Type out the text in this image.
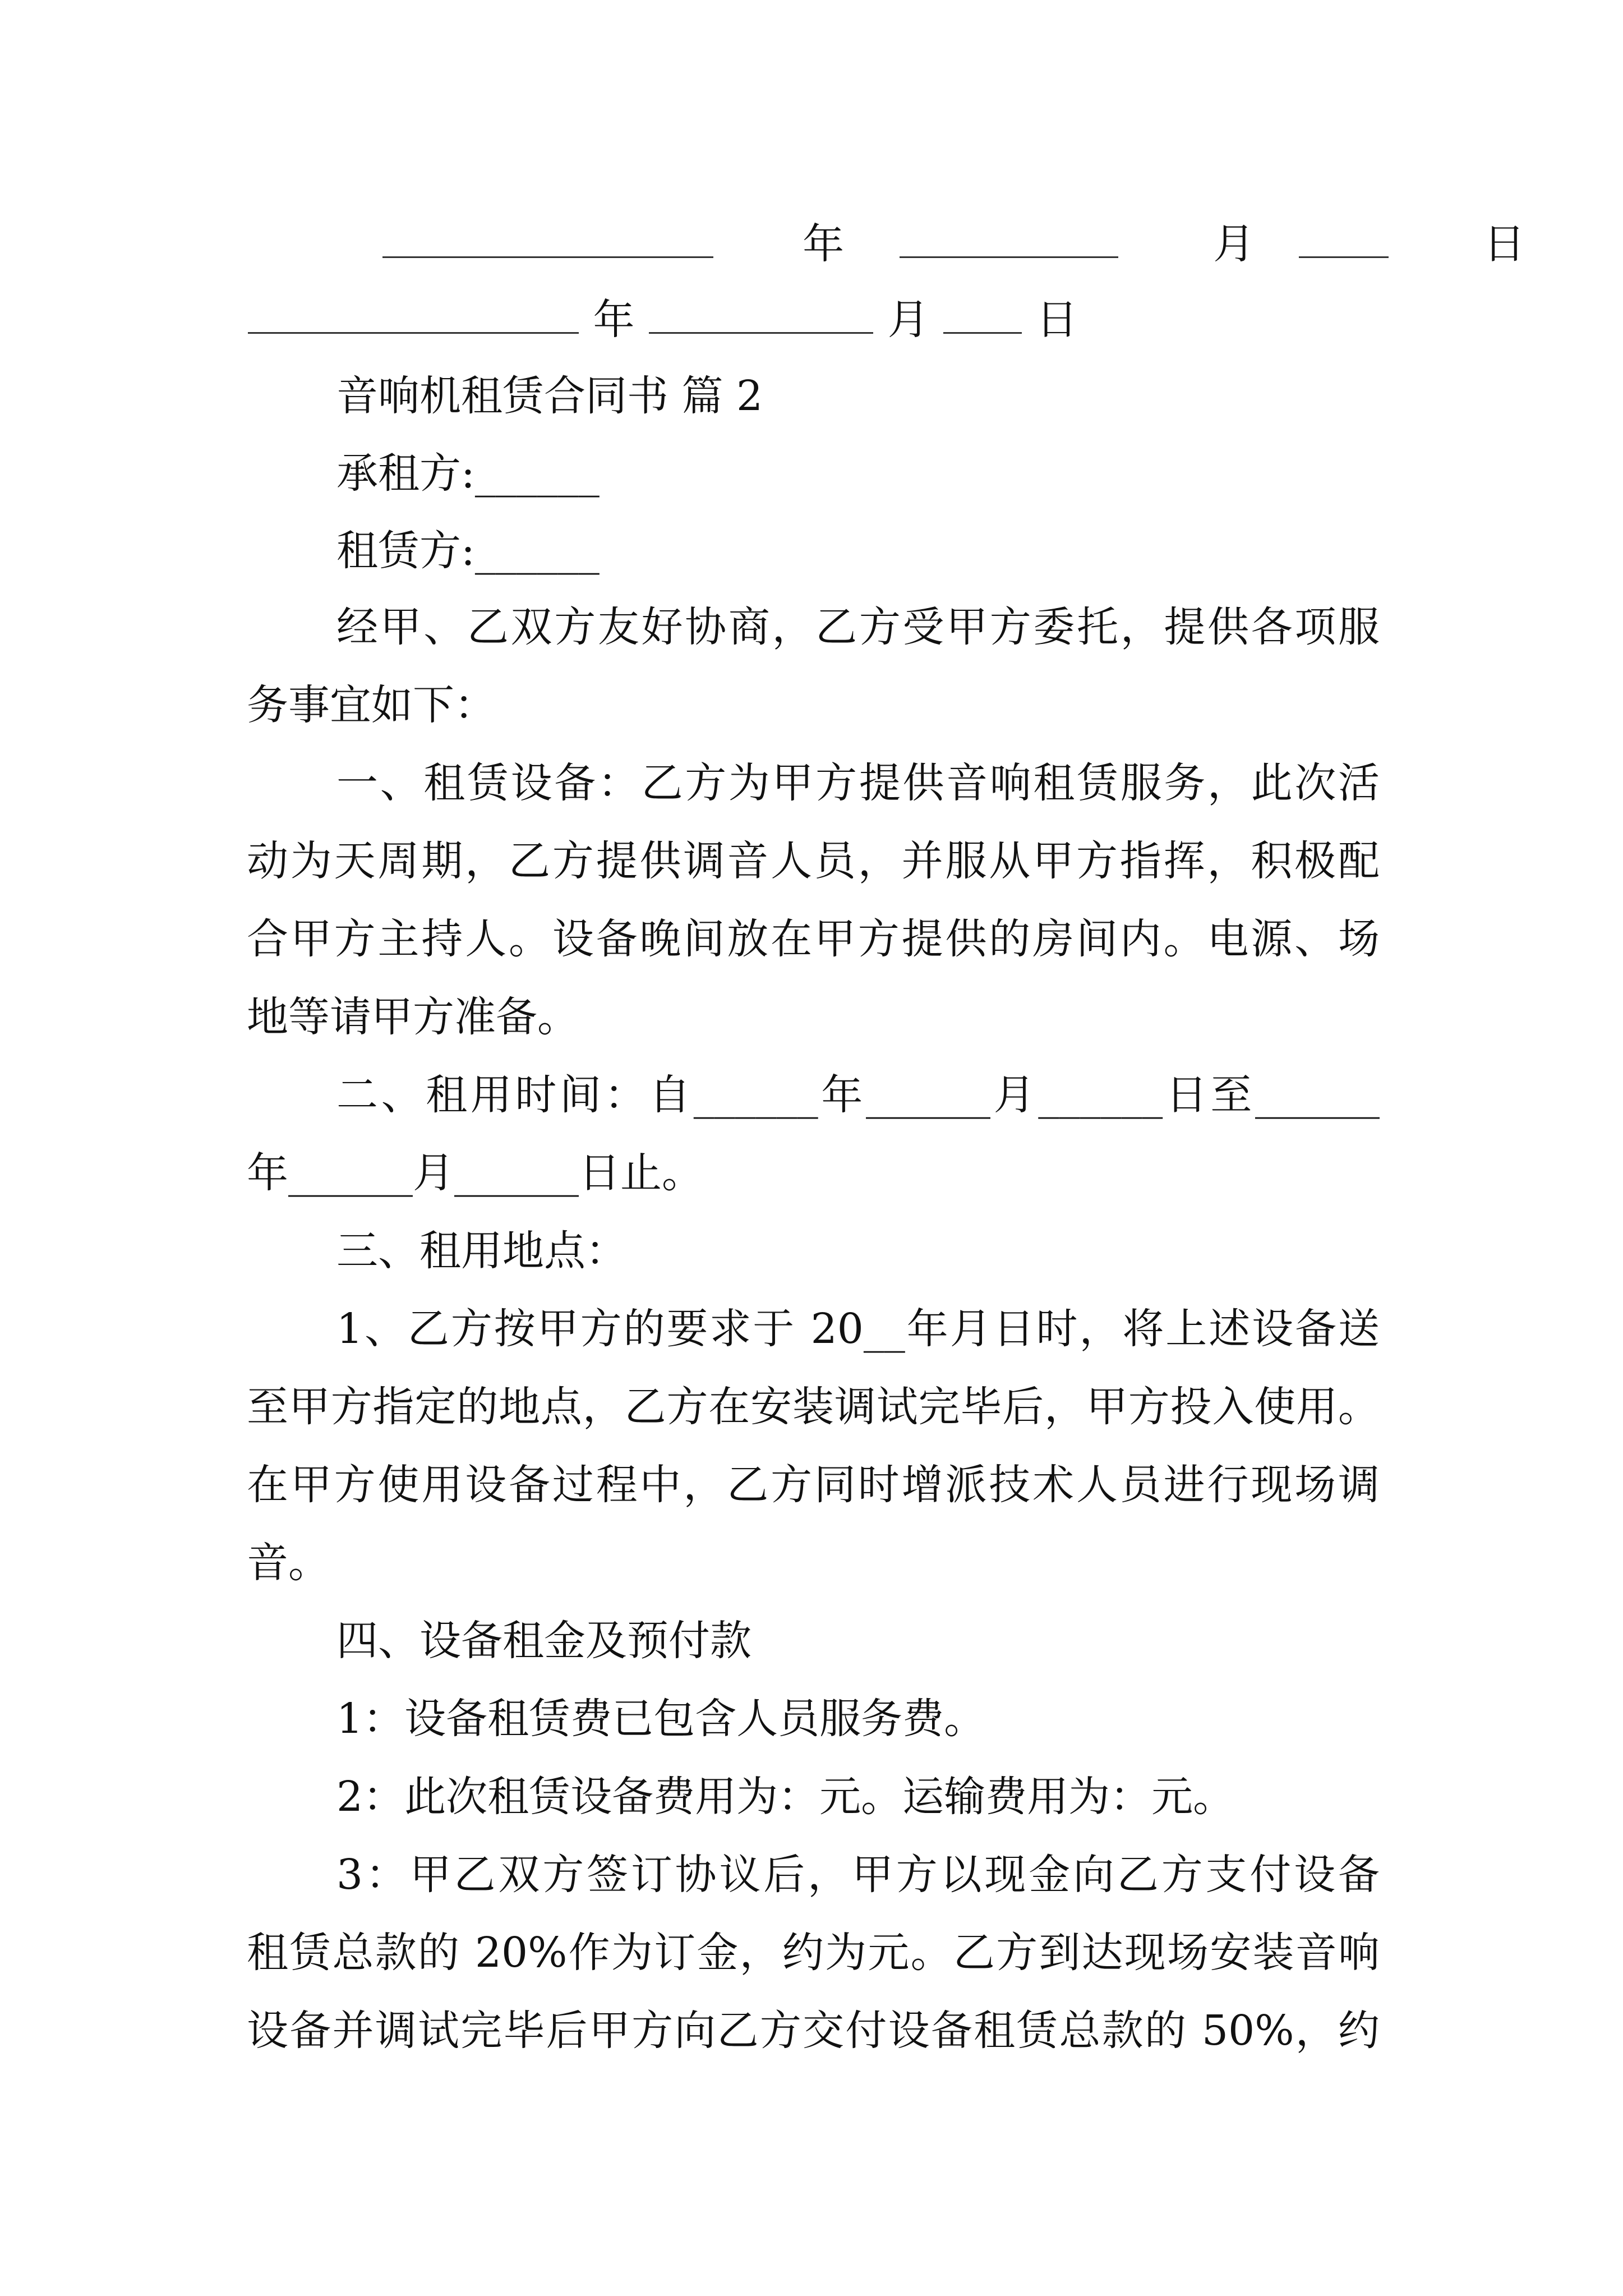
年	月	日
年	月	日
音响机租赁合同书 篇 2
承租方:______
租赁方:______
经甲、乙双方友好协商，乙方受甲方委托，提供各项服
务事宜如下：
一、租赁设备：乙方为甲方提供音响租赁服务，此次活
动为天周期，乙方提供调音人员，并服从甲方指挥，积极配
合甲方主持人。设备晚间放在甲方提供的房间内。电源、场
地等请甲方准备。
二、租用时间：自______年______月______日至______
年______月______日止。
三、租用地点：
1、乙方按甲方的要求于 20__年月日时，将上述设备送
至甲方指定的地点，乙方在安装调试完毕后，甲方投入使用。
在甲方使用设备过程中，乙方同时增派技术人员进行现场调
音。
四、设备租金及预付款
1：设备租赁费已包含人员服务费。
2：此次租赁设备费用为：元。运输费用为：元。
3：甲乙双方签订协议后，甲方以现金向乙方支付设备
租赁总款的 20%作为订金，约为元。乙方到达现场安装音响
设备并调试完毕后甲方向乙方交付设备租赁总款的 50%，约
